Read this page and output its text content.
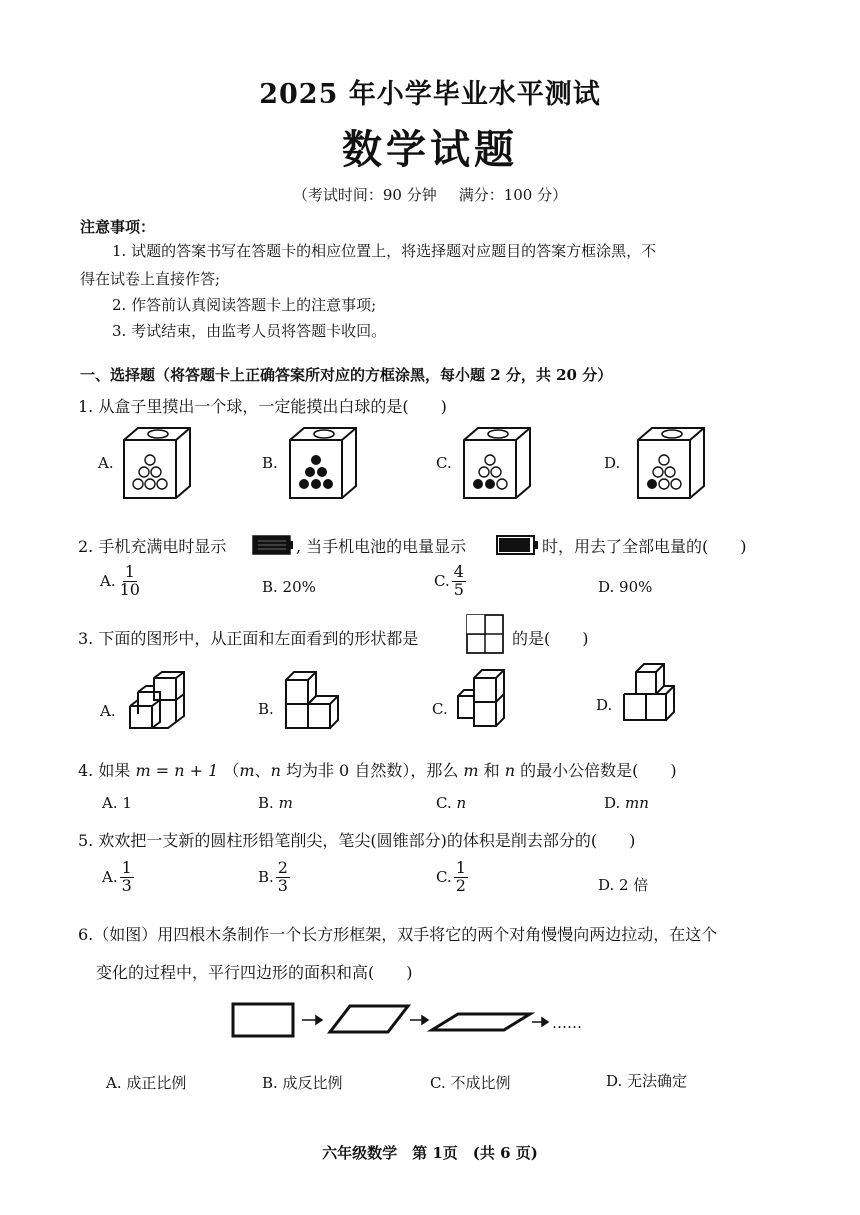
2025 年小学毕业水平测试
数学试题
（考试时间：90 分钟 满分：100 分）
注意事项：
1. 试题的答案书写在答题卡的相应位置上，将选择题对应题目的答案方框涂黑，不
得在试卷上直接作答;
2. 作答前认真阅读答题卡上的注意事项;
3. 考试结束，由监考人员将答题卡收回。
一、选择题（将答题卡上正确答案所对应的方框涂黑，每小题 2 分，共 20 分）
1. 从盒子里摸出一个球，一定能摸出白球的是(　　)
A.	B.	C.	D.
2. 手机充满电时显示	, 当手机电池的电量显示	时，用去了全部电量的(　　)
A. $\frac{1}{10}$	B. 20%	C. $\frac{4}{5}$	D. 90%
3. 下面的图形中，从正面和左面看到的形状都是	的是(　　)
A.	B.	C.	D.
4. 如果 m = n + 1 （m、n 均为非 0 自然数），那么 m 和 n 的最小公倍数是(　　)
A. 1	B. m	C. n	D. mn
5. 欢欢把一支新的圆柱形铅笔削尖，笔尖(圆锥部分)的体积是削去部分的(　　)
A. $\frac{1}{3}$	B. $\frac{2}{3}$	C. $\frac{1}{2}$	D. 2 倍
6.（如图）用四根木条制作一个长方形框架，双手将它的两个对角慢慢向两边拉动，在这个
变化的过程中，平行四边形的面积和高(　　)
……
A. 成正比例	B. 成反比例	C. 不成比例	D. 无法确定
六年级数学　第 1页　(共 6 页)
